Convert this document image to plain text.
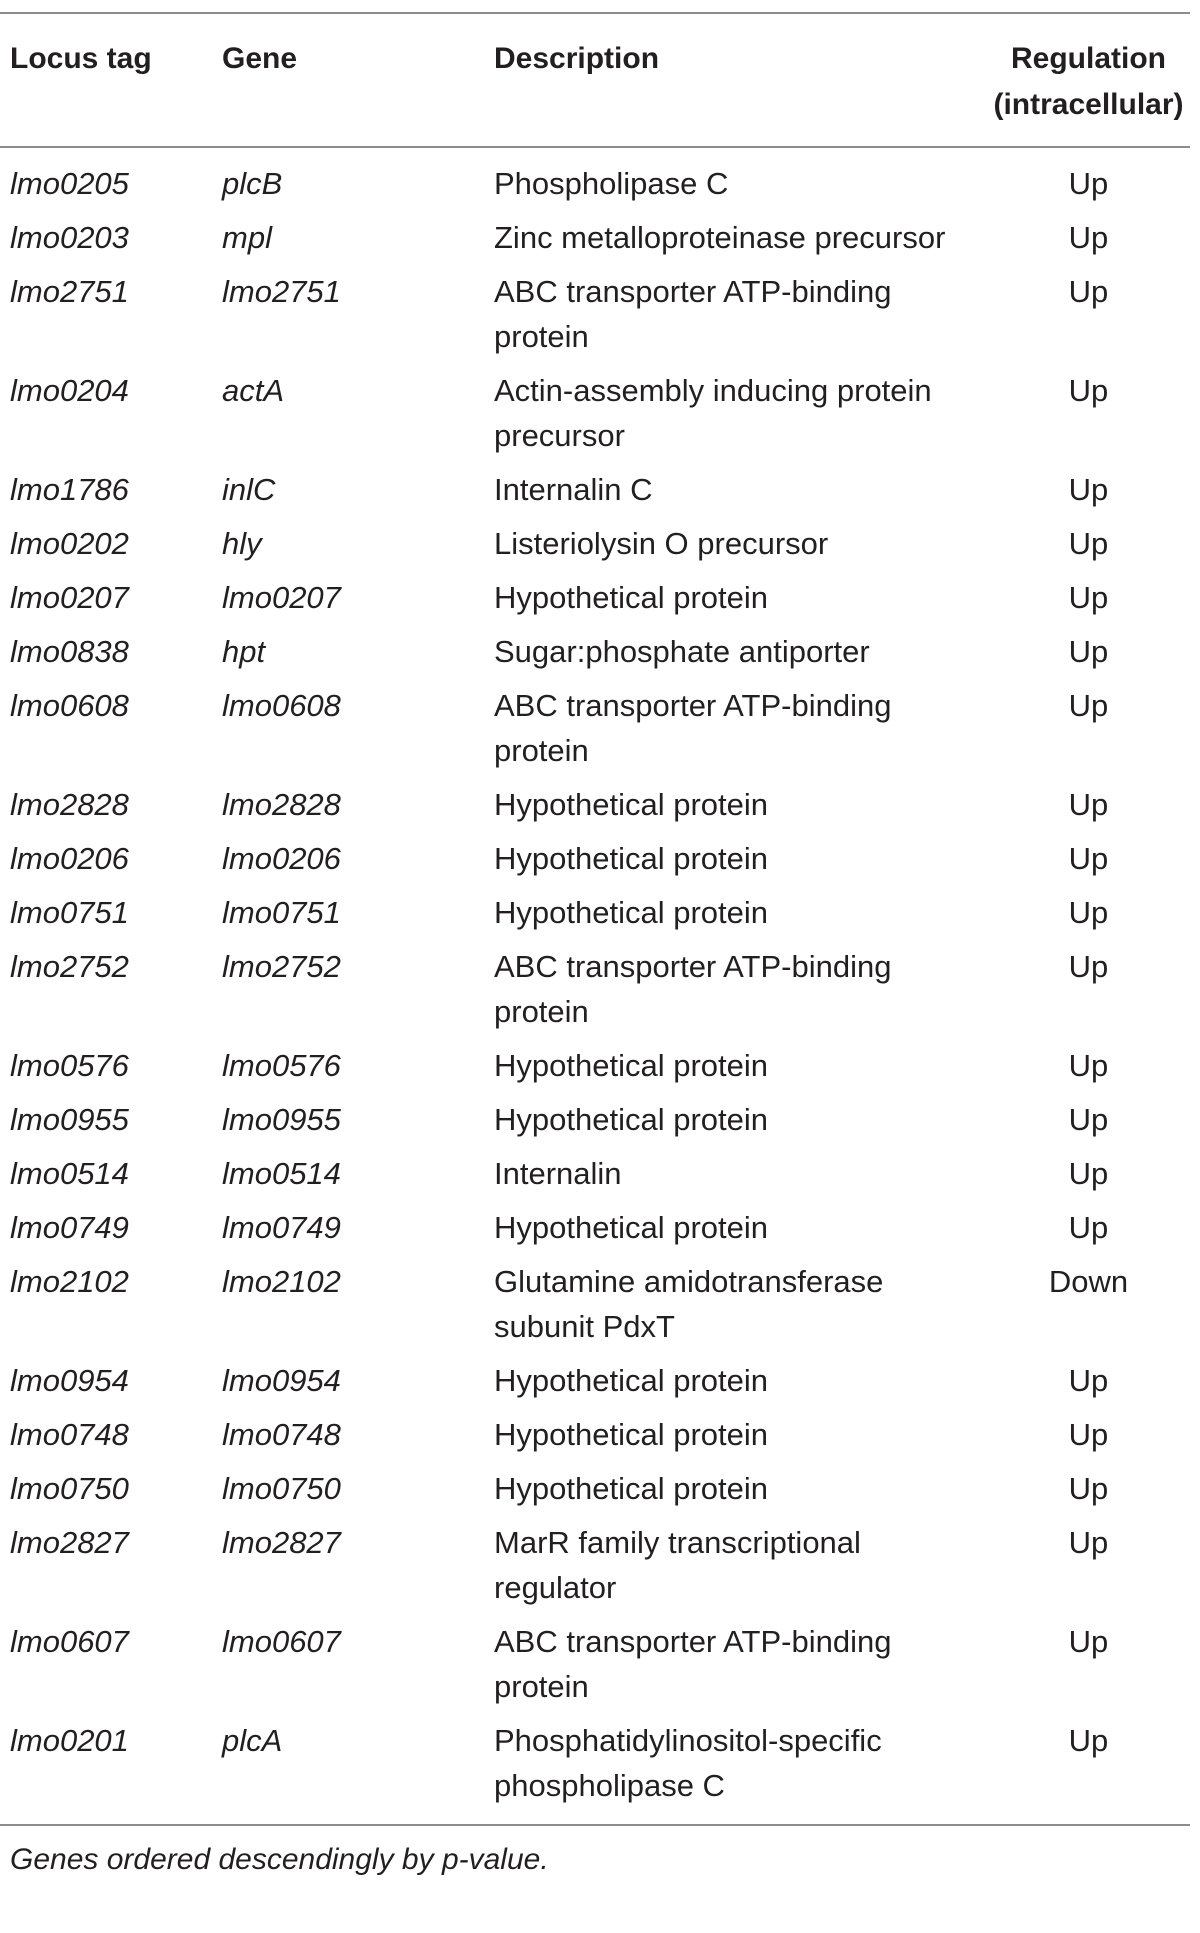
Locus tag	Gene	Description	Regulation
(intracellular)
lmo0205	plcB	Phospholipase C	Up
lmo0203	mpl	Zinc metalloproteinase precursor	Up
lmo2751	lmo2751	ABC transporter ATP-binding protein	Up
lmo0204	actA	Actin-assembly inducing protein precursor	Up
lmo1786	inlC	Internalin C	Up
lmo0202	hly	Listeriolysin O precursor	Up
lmo0207	lmo0207	Hypothetical protein	Up
lmo0838	hpt	Sugar:phosphate antiporter	Up
lmo0608	lmo0608	ABC transporter ATP-binding protein	Up
lmo2828	lmo2828	Hypothetical protein	Up
lmo0206	lmo0206	Hypothetical protein	Up
lmo0751	lmo0751	Hypothetical protein	Up
lmo2752	lmo2752	ABC transporter ATP-binding protein	Up
lmo0576	lmo0576	Hypothetical protein	Up
lmo0955	lmo0955	Hypothetical protein	Up
lmo0514	lmo0514	Internalin	Up
lmo0749	lmo0749	Hypothetical protein	Up
lmo2102	lmo2102	Glutamine amidotransferase subunit PdxT	Down
lmo0954	lmo0954	Hypothetical protein	Up
lmo0748	lmo0748	Hypothetical protein	Up
lmo0750	lmo0750	Hypothetical protein	Up
lmo2827	lmo2827	MarR family transcriptional regulator	Up
lmo0607	lmo0607	ABC transporter ATP-binding protein	Up
lmo0201	plcA	Phosphatidylinositol-specific phospholipase C	Up
Genes ordered descendingly by p-value.
